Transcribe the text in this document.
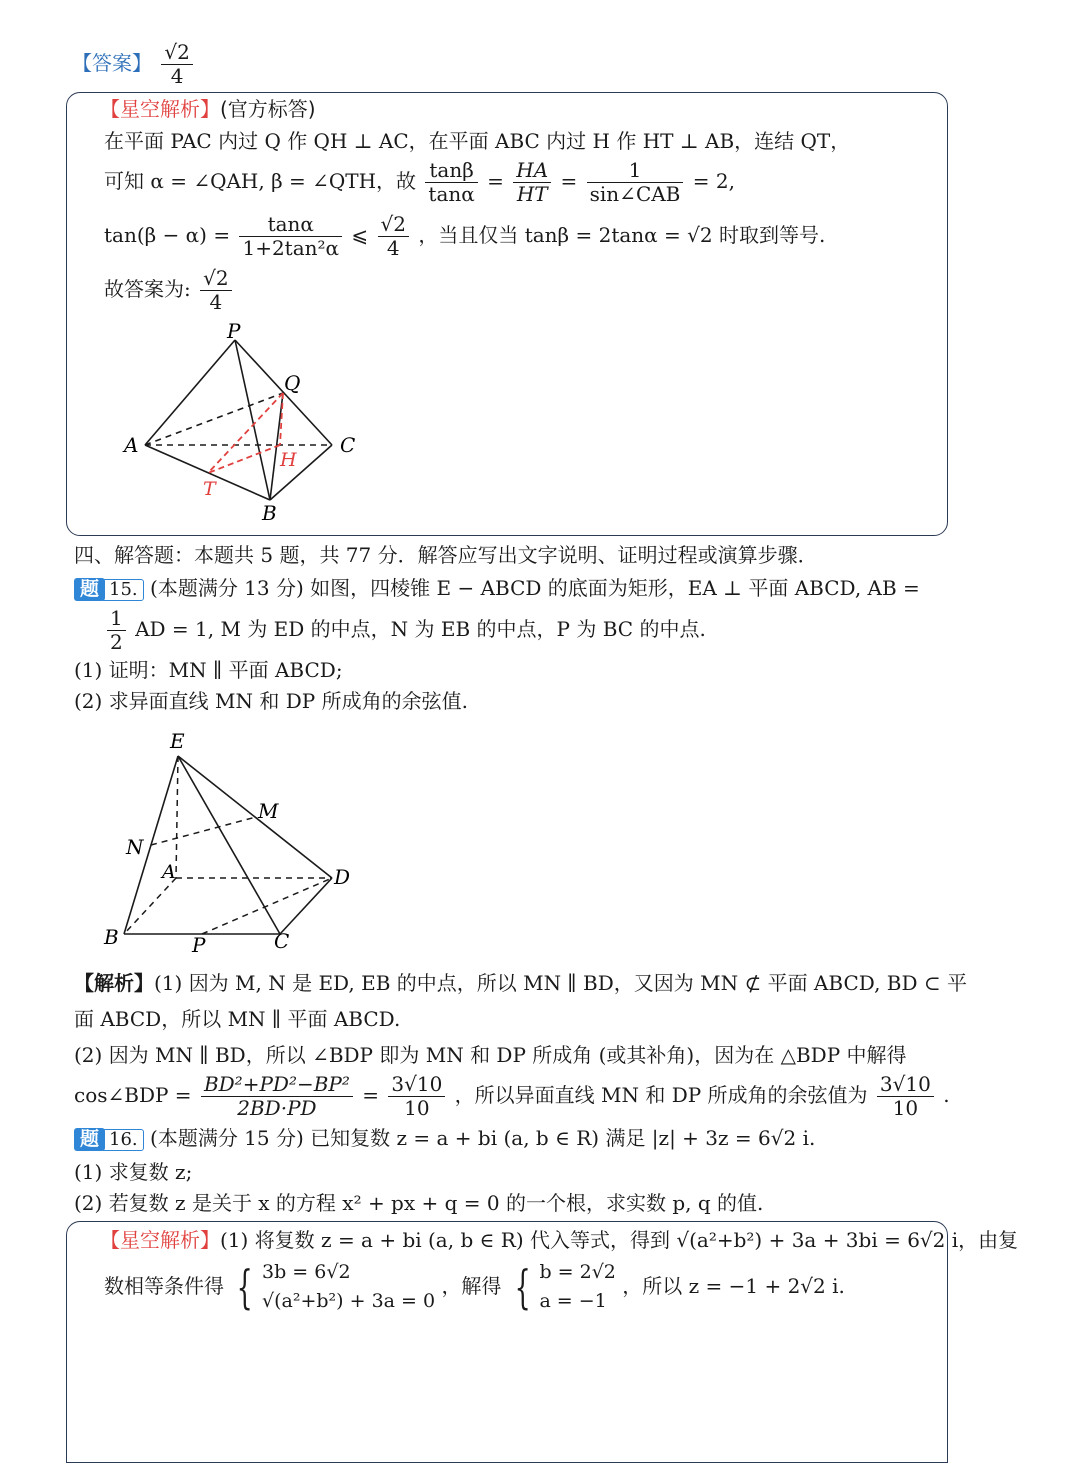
【答案】 $\frac{√2}{4}$
【星空解析】(官方标答)
在平面 PAC 内过 Q 作 QH ⊥ AC，在平面 ABC 内过 H 作 HT ⊥ AB，连结 QT，
可知 α = ∠QAH, β = ∠QTH，故 $\frac{\tan\beta}{\tan\alpha} = \frac{HA}{HT} = \frac{1}{\text{sin∠CAB}} = 2$,
$\tan(\beta - \alpha) = \frac{\tan\alpha}{\text{1+2tan²α}}$ ⩽ $\frac{√2}{4}$ ，当且仅当 tanβ = 2tanα = √2 时取到等号.
故答案为: $\frac{√2}{4}$
P
Q
A	C
H
T
B
四、解答题：本题共 5 题，共 77 分．解答应写出文字说明、证明过程或演算步骤．
题 15. (本题满分 13 分) 如图，四棱锥 E − ABCD 的底面为矩形，EA ⊥ 平面 ABCD, AB =
$\frac{1}{2}$ AD = 1, M 为 ED 的中点，N 为 EB 的中点，P 为 BC 的中点.
(1) 证明：MN ∥ 平面 ABCD;
(2) 求异面直线 MN 和 DP 所成角的余弦值.
E
M
N
A	D
B	P	C
【解析】(1) 因为 M, N 是 ED, EB 的中点，所以 MN ∥ BD，又因为 MN ⊄ 平面 ABCD, BD ⊂ 平
面 ABCD，所以 MN ∥ 平面 ABCD.
(2) 因为 MN ∥ BD，所以 ∠BDP 即为 MN 和 DP 所成角 (或其补角)，因为在 △BDP 中解得
cos∠BDP = $\frac{\text{BD²+PD²−BP²}}{2BD\cdot PD} = \frac{3√10}{10}$ ，所以异面直线 MN 和 DP 所成角的余弦值为 $\frac{3√10}{10}$ .
题 16. (本题满分 15 分) 已知复数 z = a + bi (a, b ∈ R) 满足 |z| + 3z = 6√2 i.
(1) 求复数 z;
(2) 若复数 z 是关于 x 的方程 x² + px + q = 0 的一个根，求实数 p, q 的值.
【星空解析】(1) 将复数 z = a + bi (a, b ∈ R) 代入等式，得到 √(a²+b²) + 3a + 3bi = 6√2 i，由复
数相等条件得 { 3b = 6√2
√(a²+b²) + 3a = 0 ，解得 { b = 2√2
a = −1 ，所以 z = −1 + 2√2 i.
